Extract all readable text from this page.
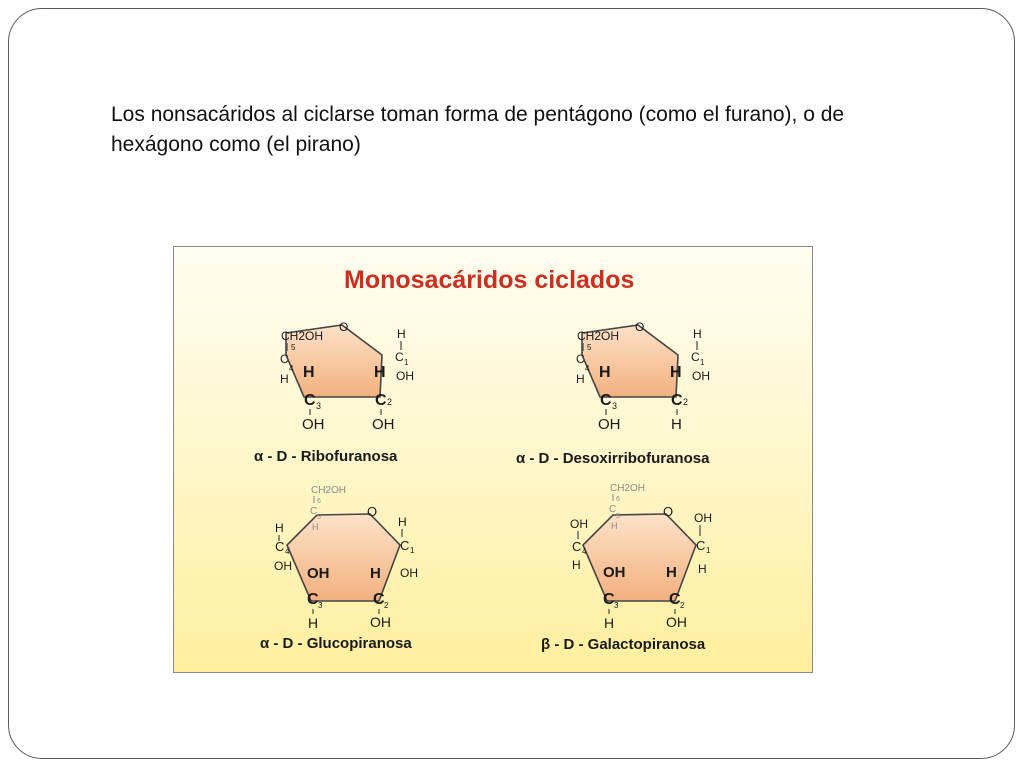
Los nonsacáridos al ciclarse toman forma de pentágono (como el furano), o de hexágono como (el pirano)

Monosacáridos ciclados
CH2OH
5
C
4
H
O	H
C 1
OH
H	H
C 3	C 2
OH	OH
α - D - Ribofuranosa
CH2OH
5
C
4
H
O	H
C 1
OH
H	H
C 3	C 2
OH	H
α - D - Desoxirribofuranosa
CH2OH
6
C
5
H
O
H
C 4
OH
H
C 1
OH
OH	H
C 3	C 2
H	OH
α - D - Glucopiranosa
CH2OH
6
C
5
H
O
OH
C 4
H
OH
C 1
H
OH	H
C 3	C 2
H	OH
β - D - Galactopiranosa
